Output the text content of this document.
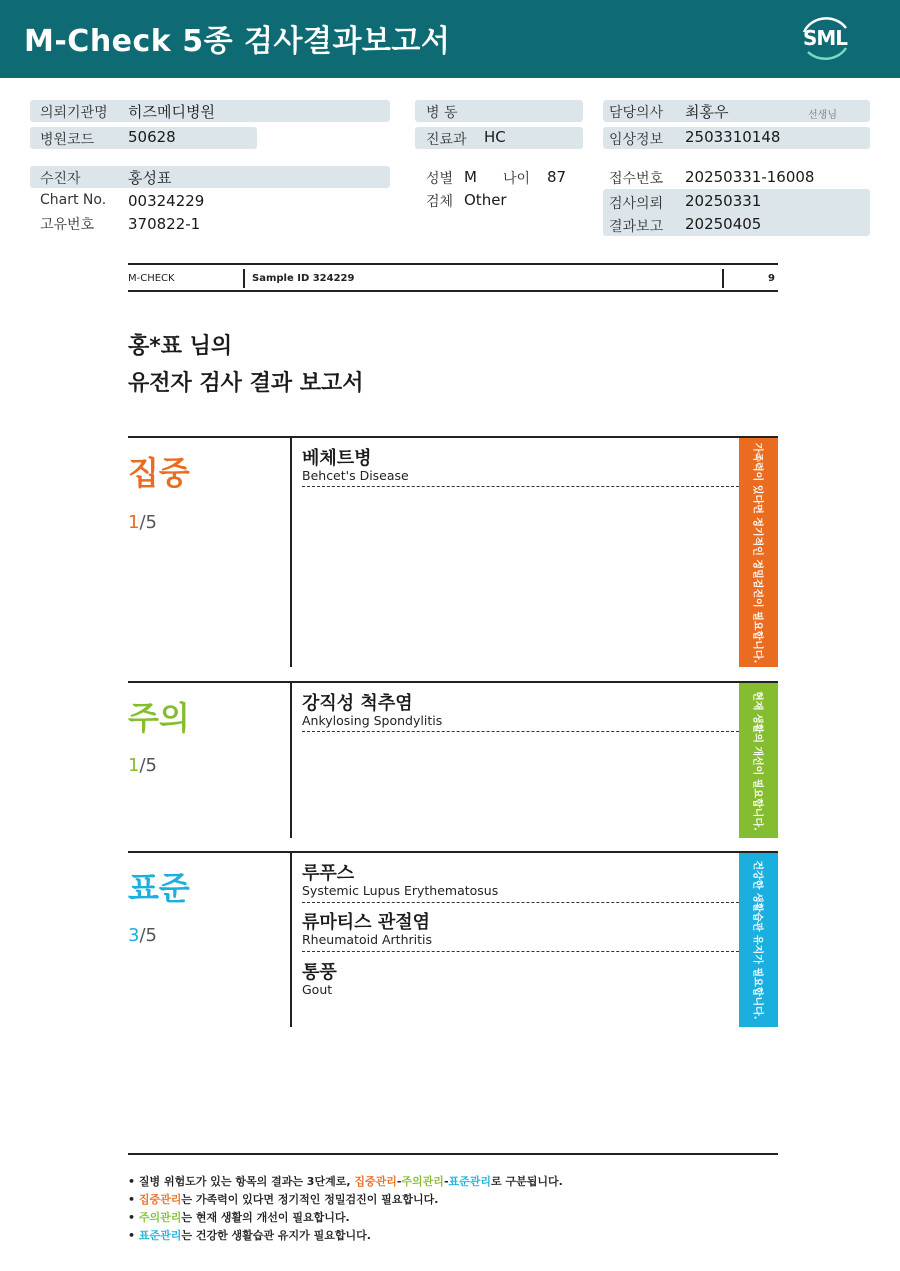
M-Check 5종 검사결과보고서	SML
의뢰기관명 히즈메디병원
병원코드 50628
병 동
진료과 HC
담당의사 최홍우	선생님
임상정보 2503310148
수진자	홍성표
Chart No. 00324229
고유번호 370822-1
성별 M 나이 87
검체 Other
접수번호 20250331-16008
검사의뢰 20250331
결과보고 20250405
M-CHECK	Sample ID 324229	9
홍*표 님의
유전자 검사 결과 보고서
집중
1/5
베체트병
Behcet's Disease	가족력이 있다면 정기적인 정밀검진이 필요합니다.
주의
1/5
강직성 척추염
Ankylosing Spondylitis	현재 생활의 개선이 필요합니다.
표준
3/5
루푸스
Systemic Lupus Erythematosus
류마티스 관절염
Rheumatoid Arthritis
통풍
Gout	건강한 생활습관 유지가 필요합니다.
• 질병 위험도가 있는 항목의 결과는 3단계로, 집중관리-주의관리-표준관리로 구분됩니다.
• 집중관리는 가족력이 있다면 정기적인 정밀검진이 필요합니다.
• 주의관리는 현재 생활의 개선이 필요합니다.
• 표준관리는 건강한 생활습관 유지가 필요합니다.
